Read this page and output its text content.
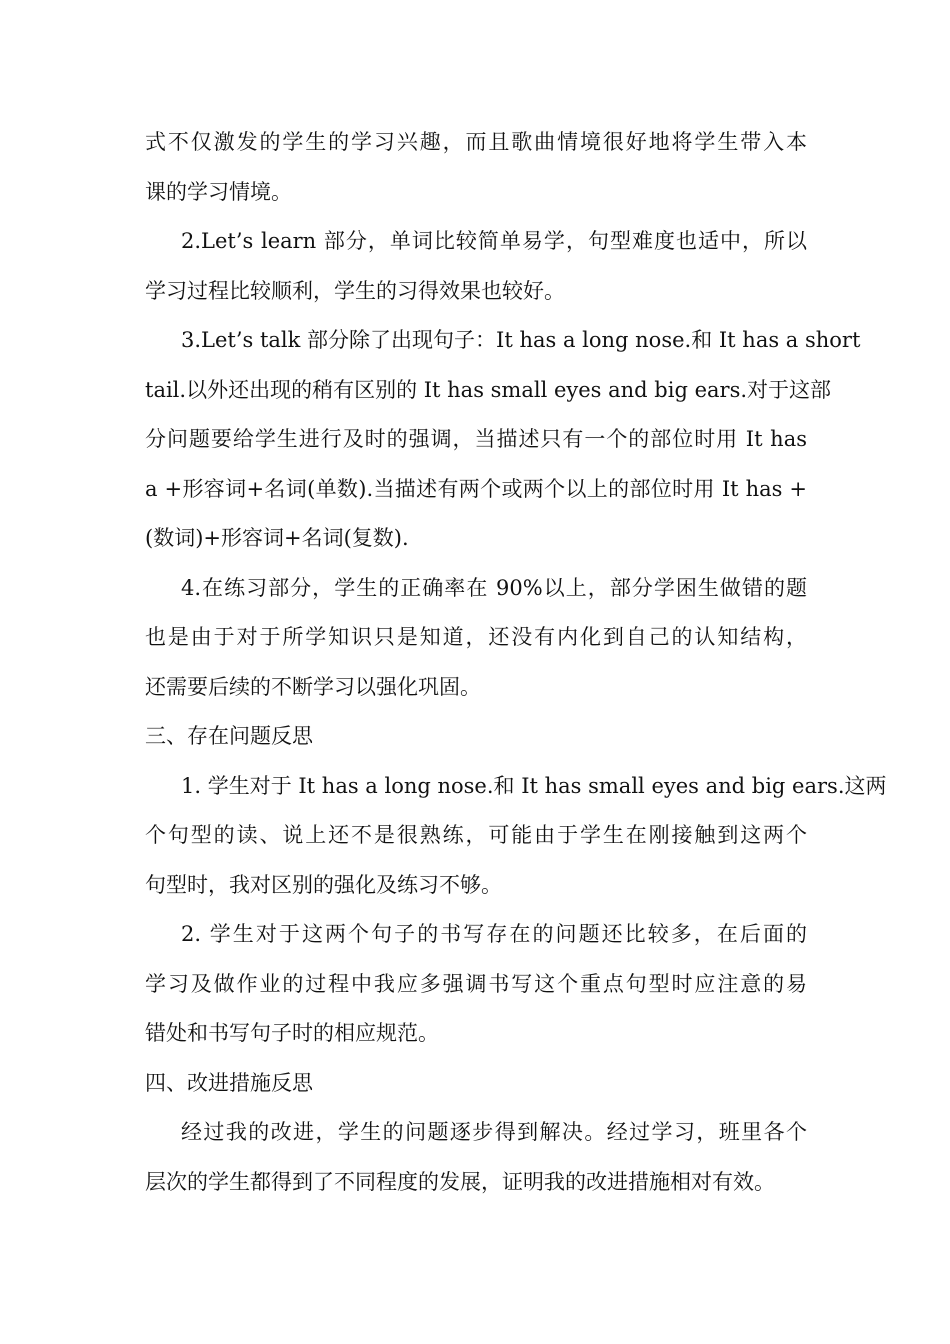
式不仅激发的学生的学习兴趣，而且歌曲情境很好地将学生带入本
课的学习情境。
2.Let’s learn 部分，单词比较简单易学，句型难度也适中，所以
学习过程比较顺利，学生的习得效果也较好。
3.Let’s talk 部分除了出现句子：It has a long nose.和 It has a short
tail.以外还出现的稍有区别的 It has small eyes and big ears.对于这部
分问题要给学生进行及时的强调，当描述只有一个的部位时用 It has
a +形容词+名词(单数).当描述有两个或两个以上的部位时用 It has +
(数词)+形容词+名词(复数).
4.在练习部分，学生的正确率在 90%以上，部分学困生做错的题
也是由于对于所学知识只是知道，还没有内化到自己的认知结构，
还需要后续的不断学习以强化巩固。
三、存在问题反思
1. 学生对于 It has a long nose.和 It has small eyes and big ears.这两
个句型的读、说上还不是很熟练，可能由于学生在刚接触到这两个
句型时，我对区别的强化及练习不够。
2. 学生对于这两个句子的书写存在的问题还比较多，在后面的
学习及做作业的过程中我应多强调书写这个重点句型时应注意的易
错处和书写句子时的相应规范。
四、改进措施反思
经过我的改进，学生的问题逐步得到解决。经过学习，班里各个
层次的学生都得到了不同程度的发展，证明我的改进措施相对有效。
